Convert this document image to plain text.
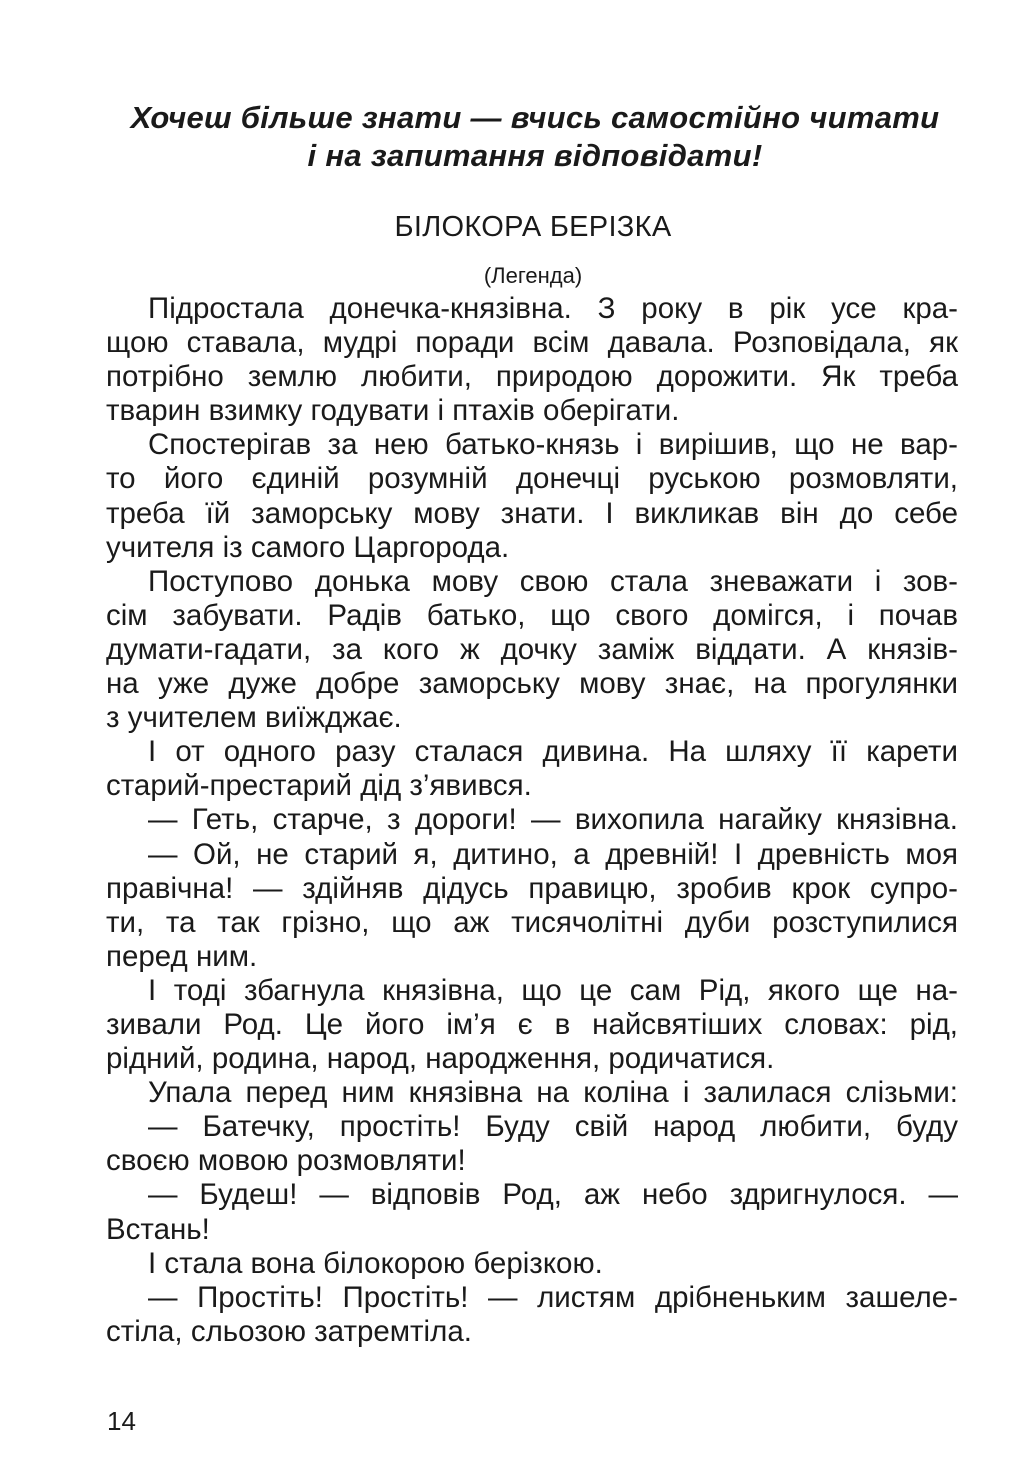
Хочеш більше знати — вчись самостійно читати
і на запитання відповідати!
БІЛОКОРА БЕРІЗКА
(Легенда)
Підростала донечка-князівна. З року в рік усе кра-
щою ставала, мудрі поради всім давала. Розповідала, як
потрібно землю любити, природою дорожити. Як треба
тварин взимку годувати і птахів оберігати.
Спостерігав за нею батько-князь і вирішив, що не вар-
то його єдиній розумній донечці руською розмовляти,
треба їй заморську мову знати. І викликав він до себе
учителя із самого Царгорода.
Поступово донька мову свою стала зневажати і зов-
сім забувати. Радів батько, що свого домігся, і почав
думати-гадати, за кого ж дочку заміж віддати. А князів-
на уже дуже добре заморську мову знає, на прогулянки
з учителем виїжджає.
І от одного разу сталася дивина. На шляху її карети
старий-престарий дід з’явився.
— Геть, старче, з дороги! — вихопила нагайку князівна.
— Ой, не старий я, дитино, а древній! І древність моя
правічна! — здійняв дідусь правицю, зробив крок супро-
ти, та так грізно, що аж тисячолітні дуби розступилися
перед ним.
І тоді збагнула князівна, що це сам Рід, якого ще на-
зивали Род. Це його ім’я є в найсвятіших словах: рід,
рідний, родина, народ, народження, родичатися.
Упала перед ним князівна на коліна і залилася слізьми:
— Батечку, простіть! Буду свій народ любити, буду
своєю мовою розмовляти!
— Будеш! — відповів Род, аж небо здригнулося. —
Встань!
І стала вона білокорою берізкою.
— Простіть! Простіть! — листям дрібненьким зашеле-
стіла, сльозою затремтіла.
14
